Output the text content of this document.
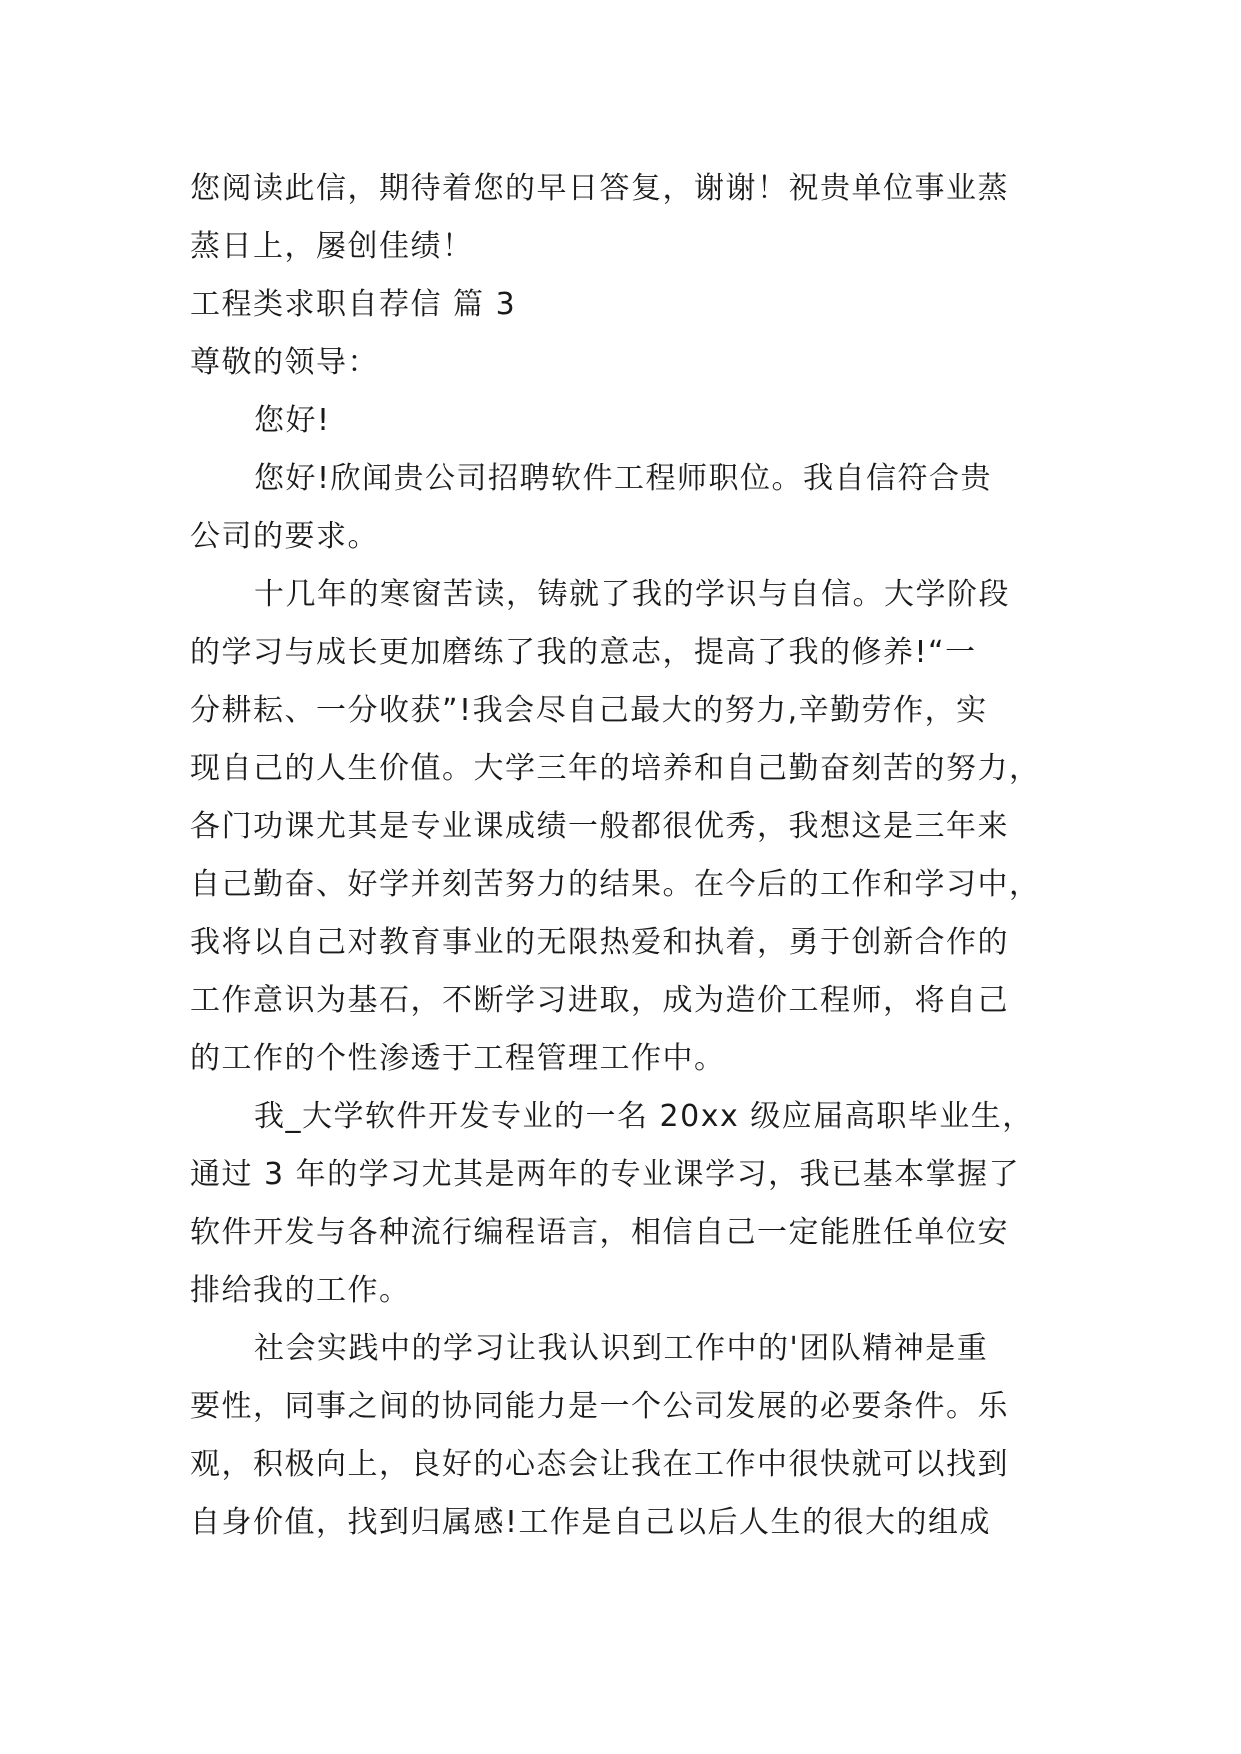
您阅读此信，期待着您的早日答复，谢谢！祝贵单位事业蒸
蒸日上，屡创佳绩！
工程类求职自荐信 篇 3
尊敬的领导：
您好!
您好!欣闻贵公司招聘软件工程师职位。我自信符合贵
公司的要求。
十几年的寒窗苦读，铸就了我的学识与自信。大学阶段
的学习与成长更加磨练了我的意志，提高了我的修养!“一
分耕耘、一分收获”!我会尽自己最大的努力,辛勤劳作，实
现自己的人生价值。大学三年的培养和自己勤奋刻苦的努力，
各门功课尤其是专业课成绩一般都很优秀，我想这是三年来
自己勤奋、好学并刻苦努力的结果。在今后的工作和学习中，
我将以自己对教育事业的无限热爱和执着，勇于创新合作的
工作意识为基石，不断学习进取，成为造价工程师，将自己
的工作的个性渗透于工程管理工作中。
我_大学软件开发专业的一名 20xx 级应届高职毕业生，
通过 3 年的学习尤其是两年的专业课学习，我已基本掌握了
软件开发与各种流行编程语言，相信自己一定能胜任单位安
排给我的工作。
社会实践中的学习让我认识到工作中的'团队精神是重
要性，同事之间的协同能力是一个公司发展的必要条件。乐
观，积极向上，良好的心态会让我在工作中很快就可以找到
自身价值，找到归属感!工作是自己以后人生的很大的组成
